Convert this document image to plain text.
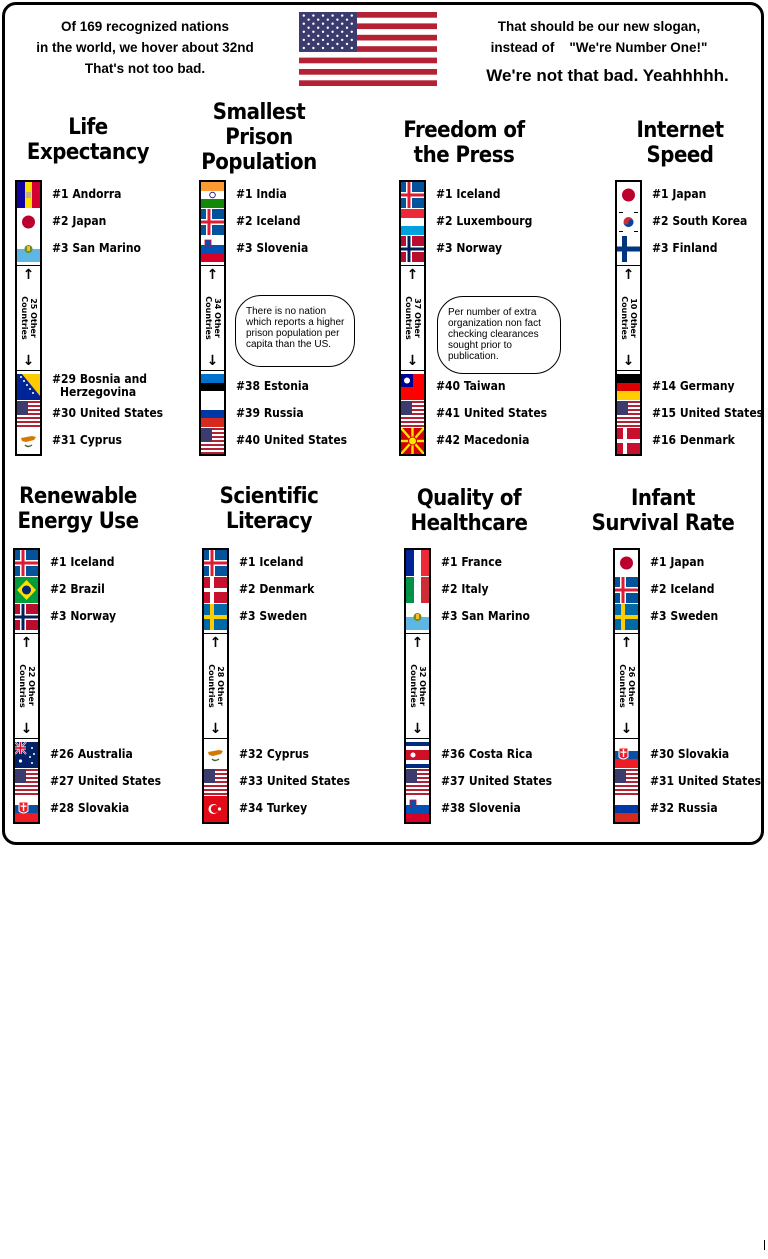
Of 169 recognized nations
in the world, we hover about 32nd
That's not too bad.
That should be our new slogan,
instead of    "We're Number One!"
We're not that bad. Yeahhhhh.
Life
Expectancy
↑
25 Other
Countries
↓
#1 Andorra
#2 Japan
#3 San Marino
#29 Bosnia and
Herzegovina
#30 United States
#31 Cyprus
Smallest
Prison
Population
↑
34 Other
Countries
↓
#1 India
#2 Iceland
#3 Slovenia
#38 Estonia
#39 Russia
#40 United States
There is no nation which reports a higher prison population per capita than the US.
Freedom of
the Press
↑
37 Other
Countries
↓
#1 Iceland
#2 Luxembourg
#3 Norway
#40 Taiwan
#41 United States
#42 Macedonia
Per number of extra organization non fact checking clearances sought prior to publication.
Internet
Speed
↑
10 Other
Countries
↓
#1 Japan
#2 South Korea
#3 Finland
#14 Germany
#15 United States
#16 Denmark
Renewable
Energy Use
↑
22 Other
Countries
↓
#1 Iceland
#2 Brazil
#3 Norway
#26 Australia
#27 United States
#28 Slovakia
Scientific
Literacy
↑
28 Other
Countries
↓
#1 Iceland
#2 Denmark
#3 Sweden
#32 Cyprus
#33 United States
#34 Turkey
Quality of
Healthcare
↑
32 Other
Countries
↓
#1 France
#2 Italy
#3 San Marino
#36 Costa Rica
#37 United States
#38 Slovenia
Infant
Survival Rate
↑
26 Other
Countries
↓
#1 Japan
#2 Iceland
#3 Sweden
#30 Slovakia
#31 United States
#32 Russia
